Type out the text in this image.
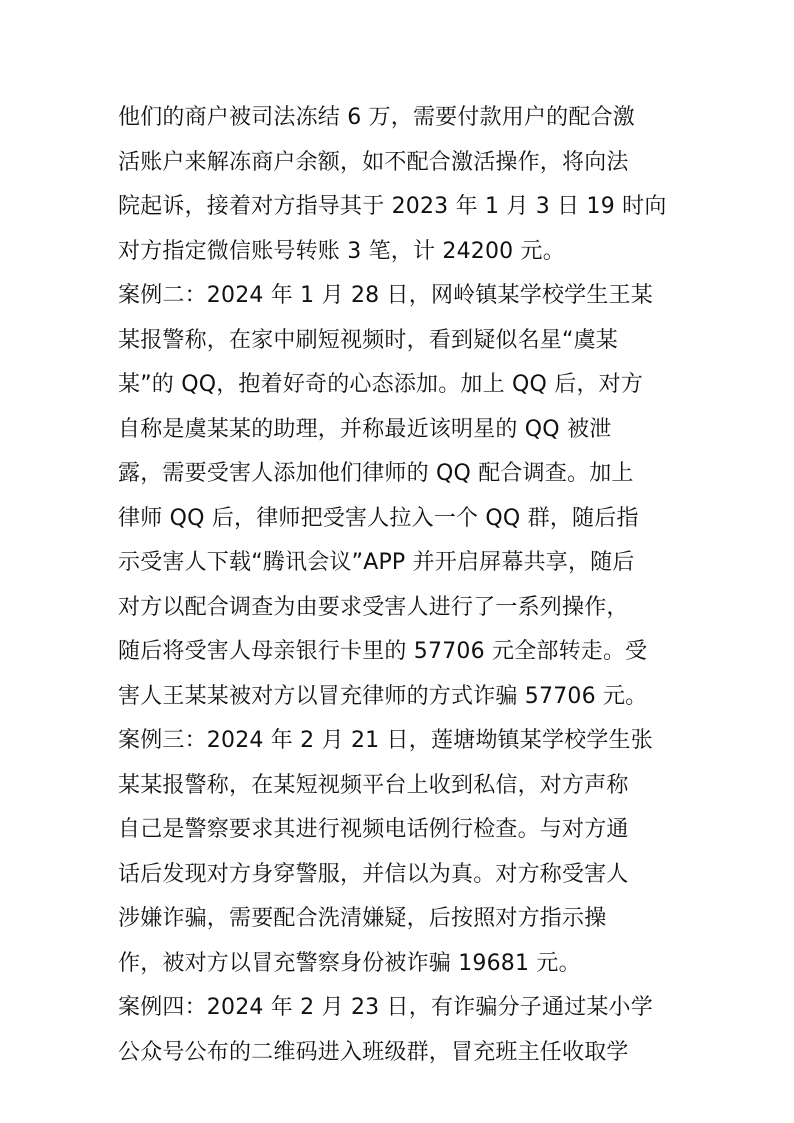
他们的商户被司法冻结 6 万，需要付款用户的配合激
活账户来解冻商户余额，如不配合激活操作，将向法
院起诉，接着对方指导其于 2023 年 1 月 3 日 19 时向
对方指定微信账号转账 3 笔，计 24200 元。
案例二：2024 年 1 月 28 日，网岭镇某学校学生王某
某报警称，在家中刷短视频时，看到疑似名星“虞某
某”的 QQ，抱着好奇的心态添加。加上 QQ 后，对方
自称是虞某某的助理，并称最近该明星的 QQ 被泄
露，需要受害人添加他们律师的 QQ 配合调查。加上
律师 QQ 后，律师把受害人拉入一个 QQ 群，随后指
示受害人下载“腾讯会议”APP 并开启屏幕共享，随后
对方以配合调查为由要求受害人进行了一系列操作，
随后将受害人母亲银行卡里的 57706 元全部转走。受
害人王某某被对方以冒充律师的方式诈骗 57706 元。
案例三：2024 年 2 月 21 日，莲塘坳镇某学校学生张
某某报警称，在某短视频平台上收到私信，对方声称
自己是警察要求其进行视频电话例行检查。与对方通
话后发现对方身穿警服，并信以为真。对方称受害人
涉嫌诈骗，需要配合洗清嫌疑，后按照对方指示操
作，被对方以冒充警察身份被诈骗 19681 元。
案例四：2024 年 2 月 23 日，有诈骗分子通过某小学
公众号公布的二维码进入班级群，冒充班主任收取学
